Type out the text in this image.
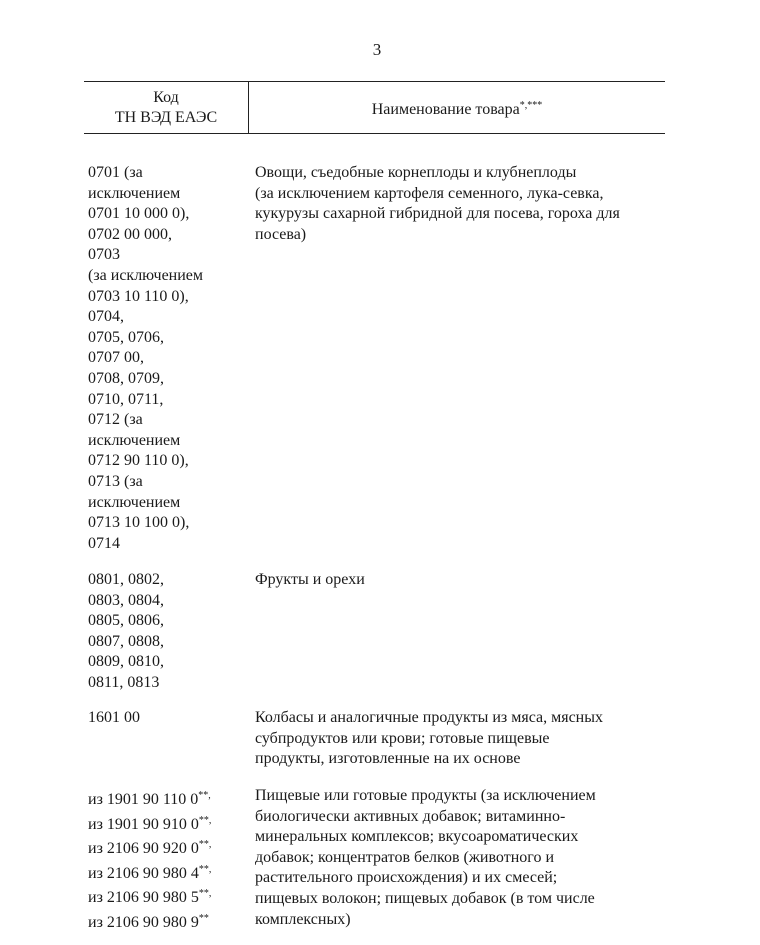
3
Код
ТН ВЭД ЕАЭС	Наименование товара*,***
0701 (за
исключением
0701 10 000 0),
0702 00 000,
0703
(за исключением
0703 10 110 0),
0704,
0705, 0706,
0707 00,
0708, 0709,
0710, 0711,
0712 (за
исключением
0712 90 110 0),
0713 (за
исключением
0713 10 100 0),
0714
Овощи, съедобные корнеплоды и клубнеплоды
(за исключением картофеля семенного, лука-севка,
кукурузы сахарной гибридной для посева, гороха для
посева)
0801, 0802,
0803, 0804,
0805, 0806,
0807, 0808,
0809, 0810,
0811, 0813
Фрукты и орехи
1601 00	Колбасы и аналогичные продукты из мяса, мясных
субпродуктов или крови; готовые пищевые
продукты, изготовленные на их основе
из 1901 90 110 0**,
из 1901 90 910 0**,
из 2106 90 920 0**,
из 2106 90 980 4**,
из 2106 90 980 5**,
из 2106 90 980 9**
Пищевые или готовые продукты (за исключением
биологически активных добавок; витаминно-
минеральных комплексов; вкусоароматических
добавок; концентратов белков (животного и
растительного происхождения) и их смесей;
пищевых волокон; пищевых добавок (в том числе
комплексных)
